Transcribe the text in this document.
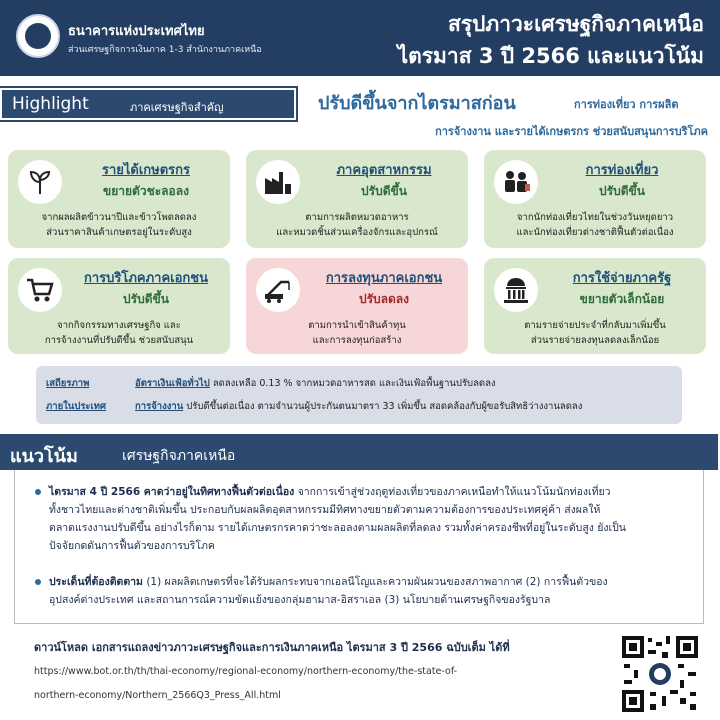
ธนาคารแห่งประเทศไทย
ส่วนเศรษฐกิจการเงินภาค 1-3 สำนักงานภาคเหนือ
สรุปภาวะเศรษฐกิจภาคเหนือ
ไตรมาส 3 ปี 2566 และแนวโน้ม
Highlight	ภาคเศรษฐกิจสำคัญ	ปรับดีขึ้นจากไตรมาสก่อน	การท่องเที่ยว การผลิต
การจ้างงาน และรายได้เกษตรกร ช่วยสนับสนุนการบริโภค
รายได้เกษตรกร
ขยายตัวชะลอลง
จากผลผลิตข้าวนาปีและข้าวโพดลดลง
ส่วนราคาสินค้าเกษตรอยู่ในระดับสูง
ภาคอุตสาหกรรม
ปรับดีขึ้น
ตามการผลิตหมวดอาหาร
และหมวดชิ้นส่วนเครื่องจักรและอุปกรณ์
การท่องเที่ยว
ปรับดีขึ้น
จากนักท่องเที่ยวไทยในช่วงวันหยุดยาว
และนักท่องเที่ยวต่างชาติฟื้นตัวต่อเนื่อง
การบริโภคภาคเอกชน
ปรับดีขึ้น
จากกิจกรรมทางเศรษฐกิจ และ
การจ้างงานที่ปรับดีขึ้น ช่วยสนับสนุน
การลงทุนภาคเอกชน
ปรับลดลง
ตามการนำเข้าสินค้าทุน
และการลงทุนก่อสร้าง
การใช้จ่ายภาครัฐ
ขยายตัวเล็กน้อย
ตามรายจ่ายประจำที่กลับมาเพิ่มขึ้น
ส่วนรายจ่ายลงทุนลดลงเล็กน้อย
เสถียรภาพ	อัตราเงินเฟ้อทั่วไป ลดลงเหลือ 0.13 % จากหมวดอาหารสด และเงินเฟ้อพื้นฐานปรับลดลง
ภายในประเทศ	การจ้างงาน ปรับดีขึ้นต่อเนื่อง ตามจำนวนผู้ประกันตนมาตรา 33 เพิ่มขึ้น สอดคล้องกับผู้ขอรับสิทธิว่างงานลดลง
ไตรมาส 4 ปี 2566 คาดว่าอยู่ในทิศทางฟื้นตัวต่อเนื่อง จากการเข้าสู่ช่วงฤดูท่องเที่ยวของภาคเหนือทำให้แนวโน้มนักท่องเที่ยว
ทั้งชาวไทยและต่างชาติเพิ่มขึ้น ประกอบกับผลผลิตอุตสาหกรรมมีทิศทางขยายตัวตามความต้องการของประเทศคู่ค้า ส่งผลให้
ตลาดแรงงานปรับดีขึ้น อย่างไรก็ตาม รายได้เกษตรกรคาดว่าชะลอลงตามผลผลิตที่ลดลง รวมทั้งค่าครองชีพที่อยู่ในระดับสูง ยังเป็น
ปัจจัยกดดันการฟื้นตัวของการบริโภค
ประเด็นที่ต้องติดตาม (1) ผลผลิตเกษตรที่จะได้รับผลกระทบจากเอลนีโญและความผันผวนของสภาพอากาศ (2) การฟื้นตัวของ
อุปสงค์ต่างประเทศ และสถานการณ์ความขัดแย้งของกลุ่มฮามาส-อิสราเอล (3) นโยบายด้านเศรษฐกิจของรัฐบาล
แนวโน้ม	เศรษฐกิจภาคเหนือ
ดาวน์โหลด เอกสารแถลงข่าวภาวะเศรษฐกิจและการเงินภาคเหนือ ไตรมาส 3 ปี 2566 ฉบับเต็ม ได้ที่
https://www.bot.or.th/th/thai-economy/regional-economy/northern-economy/the-state-of-
northern-economy/Northern_2566Q3_Press_All.html
